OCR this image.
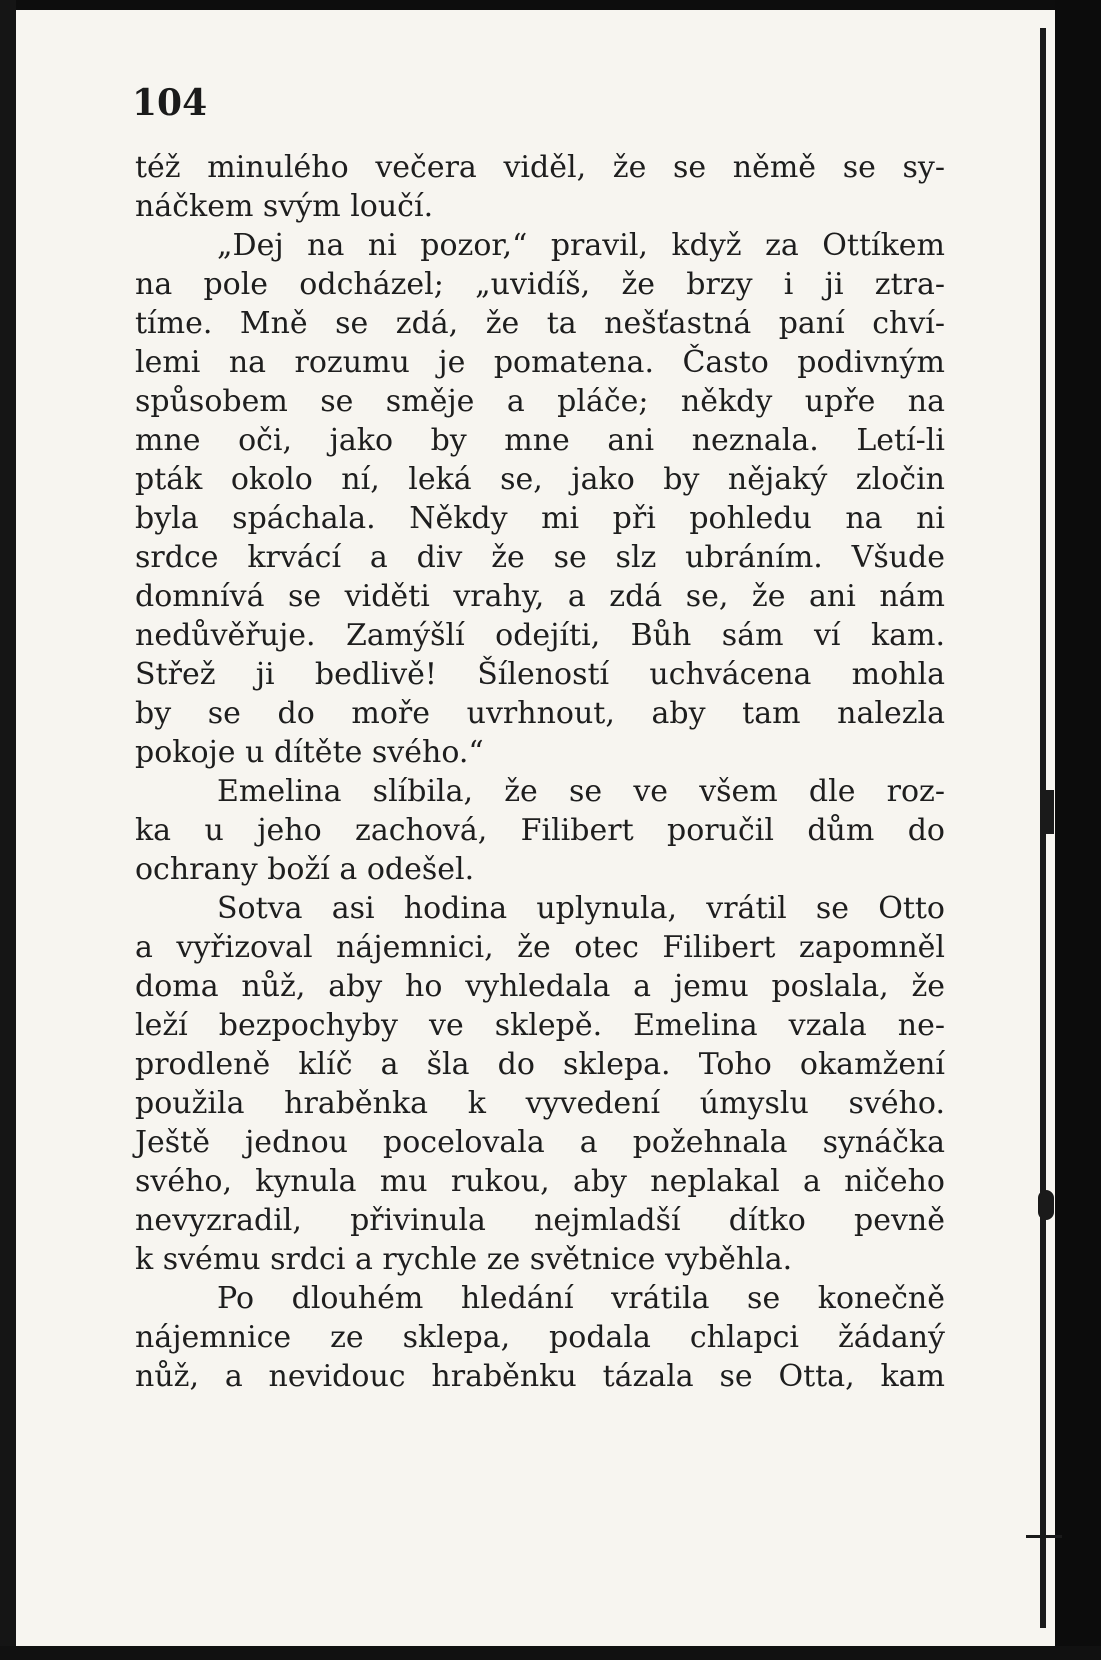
104
též minulého večera viděl, že se němě se sy-
náčkem svým loučí.
„Dej na ni pozor,“ pravil, když za Ottíkem
na pole odcházel; „uvidíš, že brzy i ji ztra-
tíme. Mně se zdá, že ta nešťastná paní chví-
lemi na rozumu je pomatena. Často podivným
spůsobem se směje a pláče; někdy upře na
mne oči, jako by mne ani neznala. Letí-li
pták okolo ní, leká se, jako by nějaký zločin
byla spáchala. Někdy mi při pohledu na ni
srdce krvácí a div že se slz ubráním. Všude
domnívá se viděti vrahy, a zdá se, že ani nám
nedůvěřuje. Zamýšlí odejíti, Bůh sám ví kam.
Střež ji bedlivě! Šíleností uchvácena mohla
by se do moře uvrhnout, aby tam nalezla
pokoje u dítěte svého.“
Emelina slíbila, že se ve všem dle roz-
ka u jeho zachová, Filibert poručil dům do
ochrany boží a odešel.
Sotva asi hodina uplynula, vrátil se Otto
a vyřizoval nájemnici, že otec Filibert zapomněl
doma nůž, aby ho vyhledala a jemu poslala, že
leží bezpochyby ve sklepě. Emelina vzala ne-
prodleně klíč a šla do sklepa. Toho okamžení
použila hraběnka k vyvedení úmyslu svého.
Ještě jednou pocelovala a požehnala synáčka
svého, kynula mu rukou, aby neplakal a ničeho
nevyzradil, přivinula nejmladší dítko pevně
k svému srdci a rychle ze světnice vyběhla.
Po dlouhém hledání vrátila se konečně
nájemnice ze sklepa, podala chlapci žádaný
nůž, a nevidouc hraběnku tázala se Otta, kam
